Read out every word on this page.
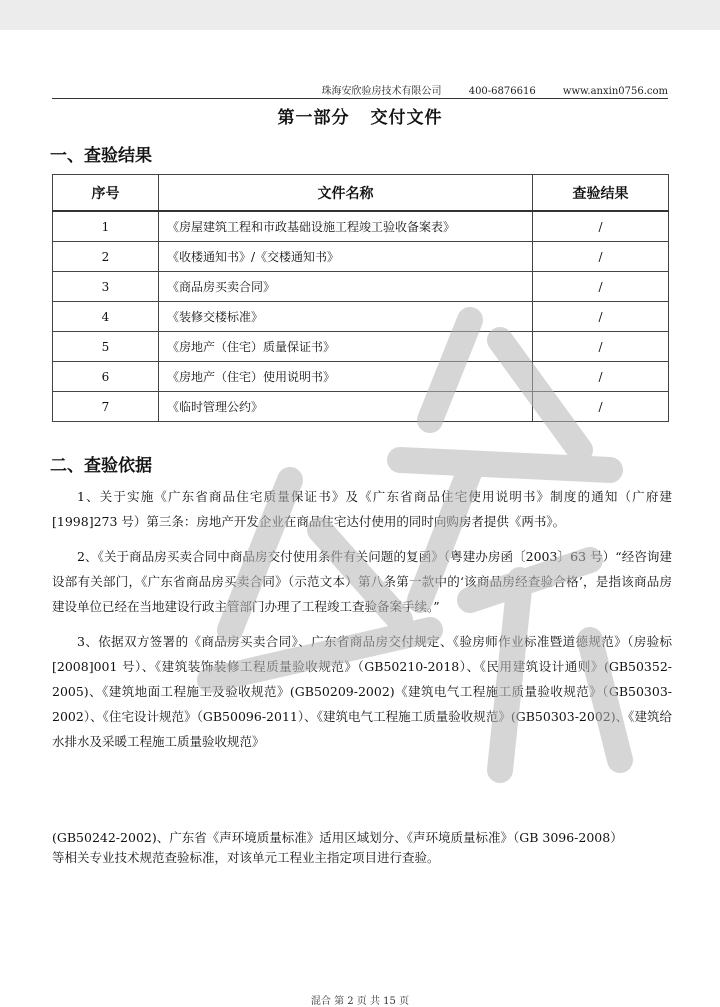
珠海安欣验房技术有限公司	400-6876616	www.anxin0756.com
第一部分 交付文件
一、查验结果
序号	文件名称	查验结果
1	《房屋建筑工程和市政基础设施工程竣工验收备案表》	/
2	《收楼通知书》/《交楼通知书》	/
3	《商品房买卖合同》	/
4	《装修交楼标准》	/
5	《房地产（住宅）质量保证书》	/
6	《房地产（住宅）使用说明书》	/
7	《临时管理公约》	/
二、查验依据

1、关于实施《广东省商品住宅质量保证书》及《广东省商品住宅使用说明书》制度的通知（广府建[1998]273 号）第三条：房地产开发企业在商品住宅达付使用的同时向购房者提供《两书》。

2、《关于商品房买卖合同中商品房交付使用条件有关问题的复函》（粤建办房函〔2003〕63 号）“经咨询建设部有关部门，《广东省商品房买卖合同》（示范文本）第八条第一款中的‘该商品房经查验合格’，是指该商品房建设单位已经在当地建设行政主管部门办理了工程竣工查验备案手续。”

3、依据双方签署的《商品房买卖合同》、广东省商品房交付规定、《验房师作业标准暨道德规范》（房验标[2008]001 号）、《建筑装饰装修工程质量验收规范》（GB50210-2018）、《民用建筑设计通则》(GB50352-2005)、《建筑地面工程施工及验收规范》(GB50209-2002)《建筑电气工程施工质量验收规范》（GB50303-2002）、《住宅设计规范》（GB50096-2011）、《建筑电气工程施工质量验收规范》(GB50303-2002)、《建筑给水排水及采暖工程施工质量验收规范》

(GB50242-2002)、广东省《声环境质量标准》适用区域划分、《声环境质量标准》（GB 3096-2008）

等相关专业技术规范查验标准，对该单元工程业主指定项目进行查验。

混合 第 2 页 共 15 页
